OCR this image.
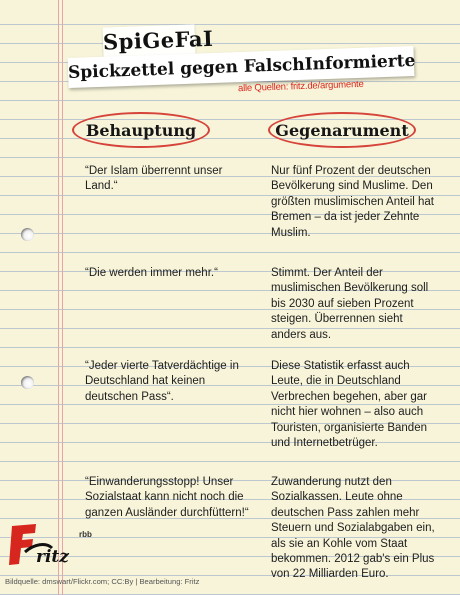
SpiGeFaI
Spickzettel gegen FalschInformierte
alle Quellen: fritz.de/argumente
Behauptung	Gegenarument
“Der Islam überrennt unser Land.“
Nur fünf Prozent der deutschen Bevölkerung sind Muslime. Den größten muslimischen Anteil hat Bremen – da ist jeder Zehnte Muslim.
“Die werden immer mehr.“	Stimmt. Der Anteil der muslimischen Bevölkerung soll bis 2030 auf sieben Prozent steigen. Überrennen sieht anders aus.
“Jeder vierte Tatverdächtige in Deutschland hat keinen deutschen Pass“.
Diese Statistik erfasst auch Leute, die in Deutschland Verbrechen begehen, aber gar nicht hier wohnen – also auch Touristen, organisierte Banden und Internetbetrüger.
“Einwanderungsstopp! Unser Sozialstaat kann nicht noch die ganzen Ausländer durchfüttern!“
Zuwanderung nutzt den Sozialkassen. Leute ohne deutschen Pass zahlen mehr Steuern und Sozialabgaben ein, als sie an Kohle vom Staat bekommen. 2012 gab's ein Plus von 22 Milliarden Euro.
ritz
rbb
Bildquelle: dmswart/Flickr.com; CC:By | Bearbeitung: Fritz
